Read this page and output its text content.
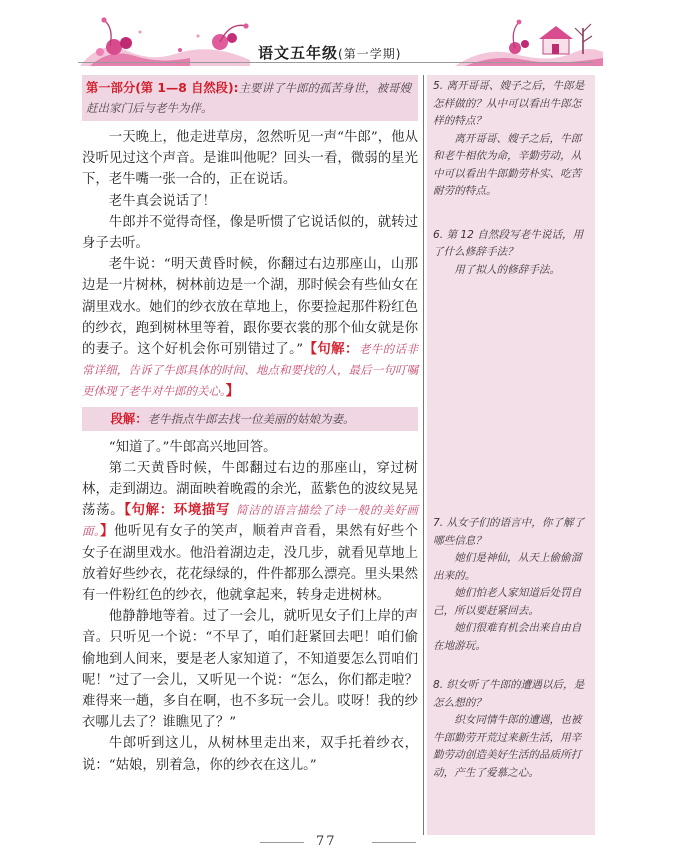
语文五年级(第一学期)

5. 离开哥哥、嫂子之后，牛郎是怎样做的？从中可以看出牛郎怎样的特点？

离开哥哥、嫂子之后，牛郎和老牛相依为命，辛勤劳动，从中可以看出牛郎勤劳朴实、吃苦耐劳的特点。

6. 第 12 自然段写老牛说话，用了什么修辞手法？

用了拟人的修辞手法。

7. 从女子们的语言中，你了解了哪些信息？

她们是神仙，从天上偷偷溜出来的。

她们怕老人家知道后处罚自己，所以要赶紧回去。

她们很难有机会出来自由自在地游玩。

8. 织女听了牛郎的遭遇以后，是怎么想的？

织女同情牛郎的遭遇，也被牛郎勤劳开荒过来新生活，用辛勤劳动创造美好生活的品质所打动，产生了爱慕之心。

第一部分(第 1—8 自然段):主要讲了牛郎的孤苦身世，被哥嫂赶出家门后与老牛为伴。

一天晚上，他走进草房，忽然听见一声“牛郎”，他从没听见过这个声音。是谁叫他呢？回头一看，微弱的星光下，老牛嘴一张一合的，正在说话。

老牛真会说话了！

牛郎并不觉得奇怪，像是听惯了它说话似的，就转过身子去听。

老牛说：“明天黄昏时候，你翻过右边那座山，山那边是一片树林，树林前边是一个湖，那时候会有些仙女在湖里戏水。她们的纱衣放在草地上，你要捡起那件粉红色的纱衣，跑到树林里等着，跟你要衣裳的那个仙女就是你的妻子。这个好机会你可别错过了。”【句解：老牛的话非常详细，告诉了牛郎具体的时间、地点和要找的人，最后一句叮嘱更体现了老牛对牛郎的关心。】

段解：老牛指点牛郎去找一位美丽的姑娘为妻。

“知道了。”牛郎高兴地回答。

第二天黄昏时候，牛郎翻过右边的那座山，穿过树林，走到湖边。湖面映着晚霞的余光，蓝紫色的波纹晃晃荡荡。【句解：环境描写 简洁的语言描绘了诗一般的美好画面。】他听见有女子的笑声，顺着声音看，果然有好些个女子在湖里戏水。他沿着湖边走，没几步，就看见草地上放着好些纱衣，花花绿绿的，件件都那么漂亮。里头果然有一件粉红色的纱衣，他就拿起来，转身走进树林。

他静静地等着。过了一会儿，就听见女子们上岸的声音。只听见一个说：“不早了，咱们赶紧回去吧！咱们偷偷地到人间来，要是老人家知道了，不知道要怎么罚咱们呢！”过了一会儿，又听见一个说：“怎么，你们都走啦？难得来一趟，多自在啊，也不多玩一会儿。哎呀！我的纱衣哪儿去了？谁瞧见了？”

牛郎听到这儿，从树林里走出来，双手托着纱衣，说：“姑娘，别着急，你的纱衣在这儿。”

77
